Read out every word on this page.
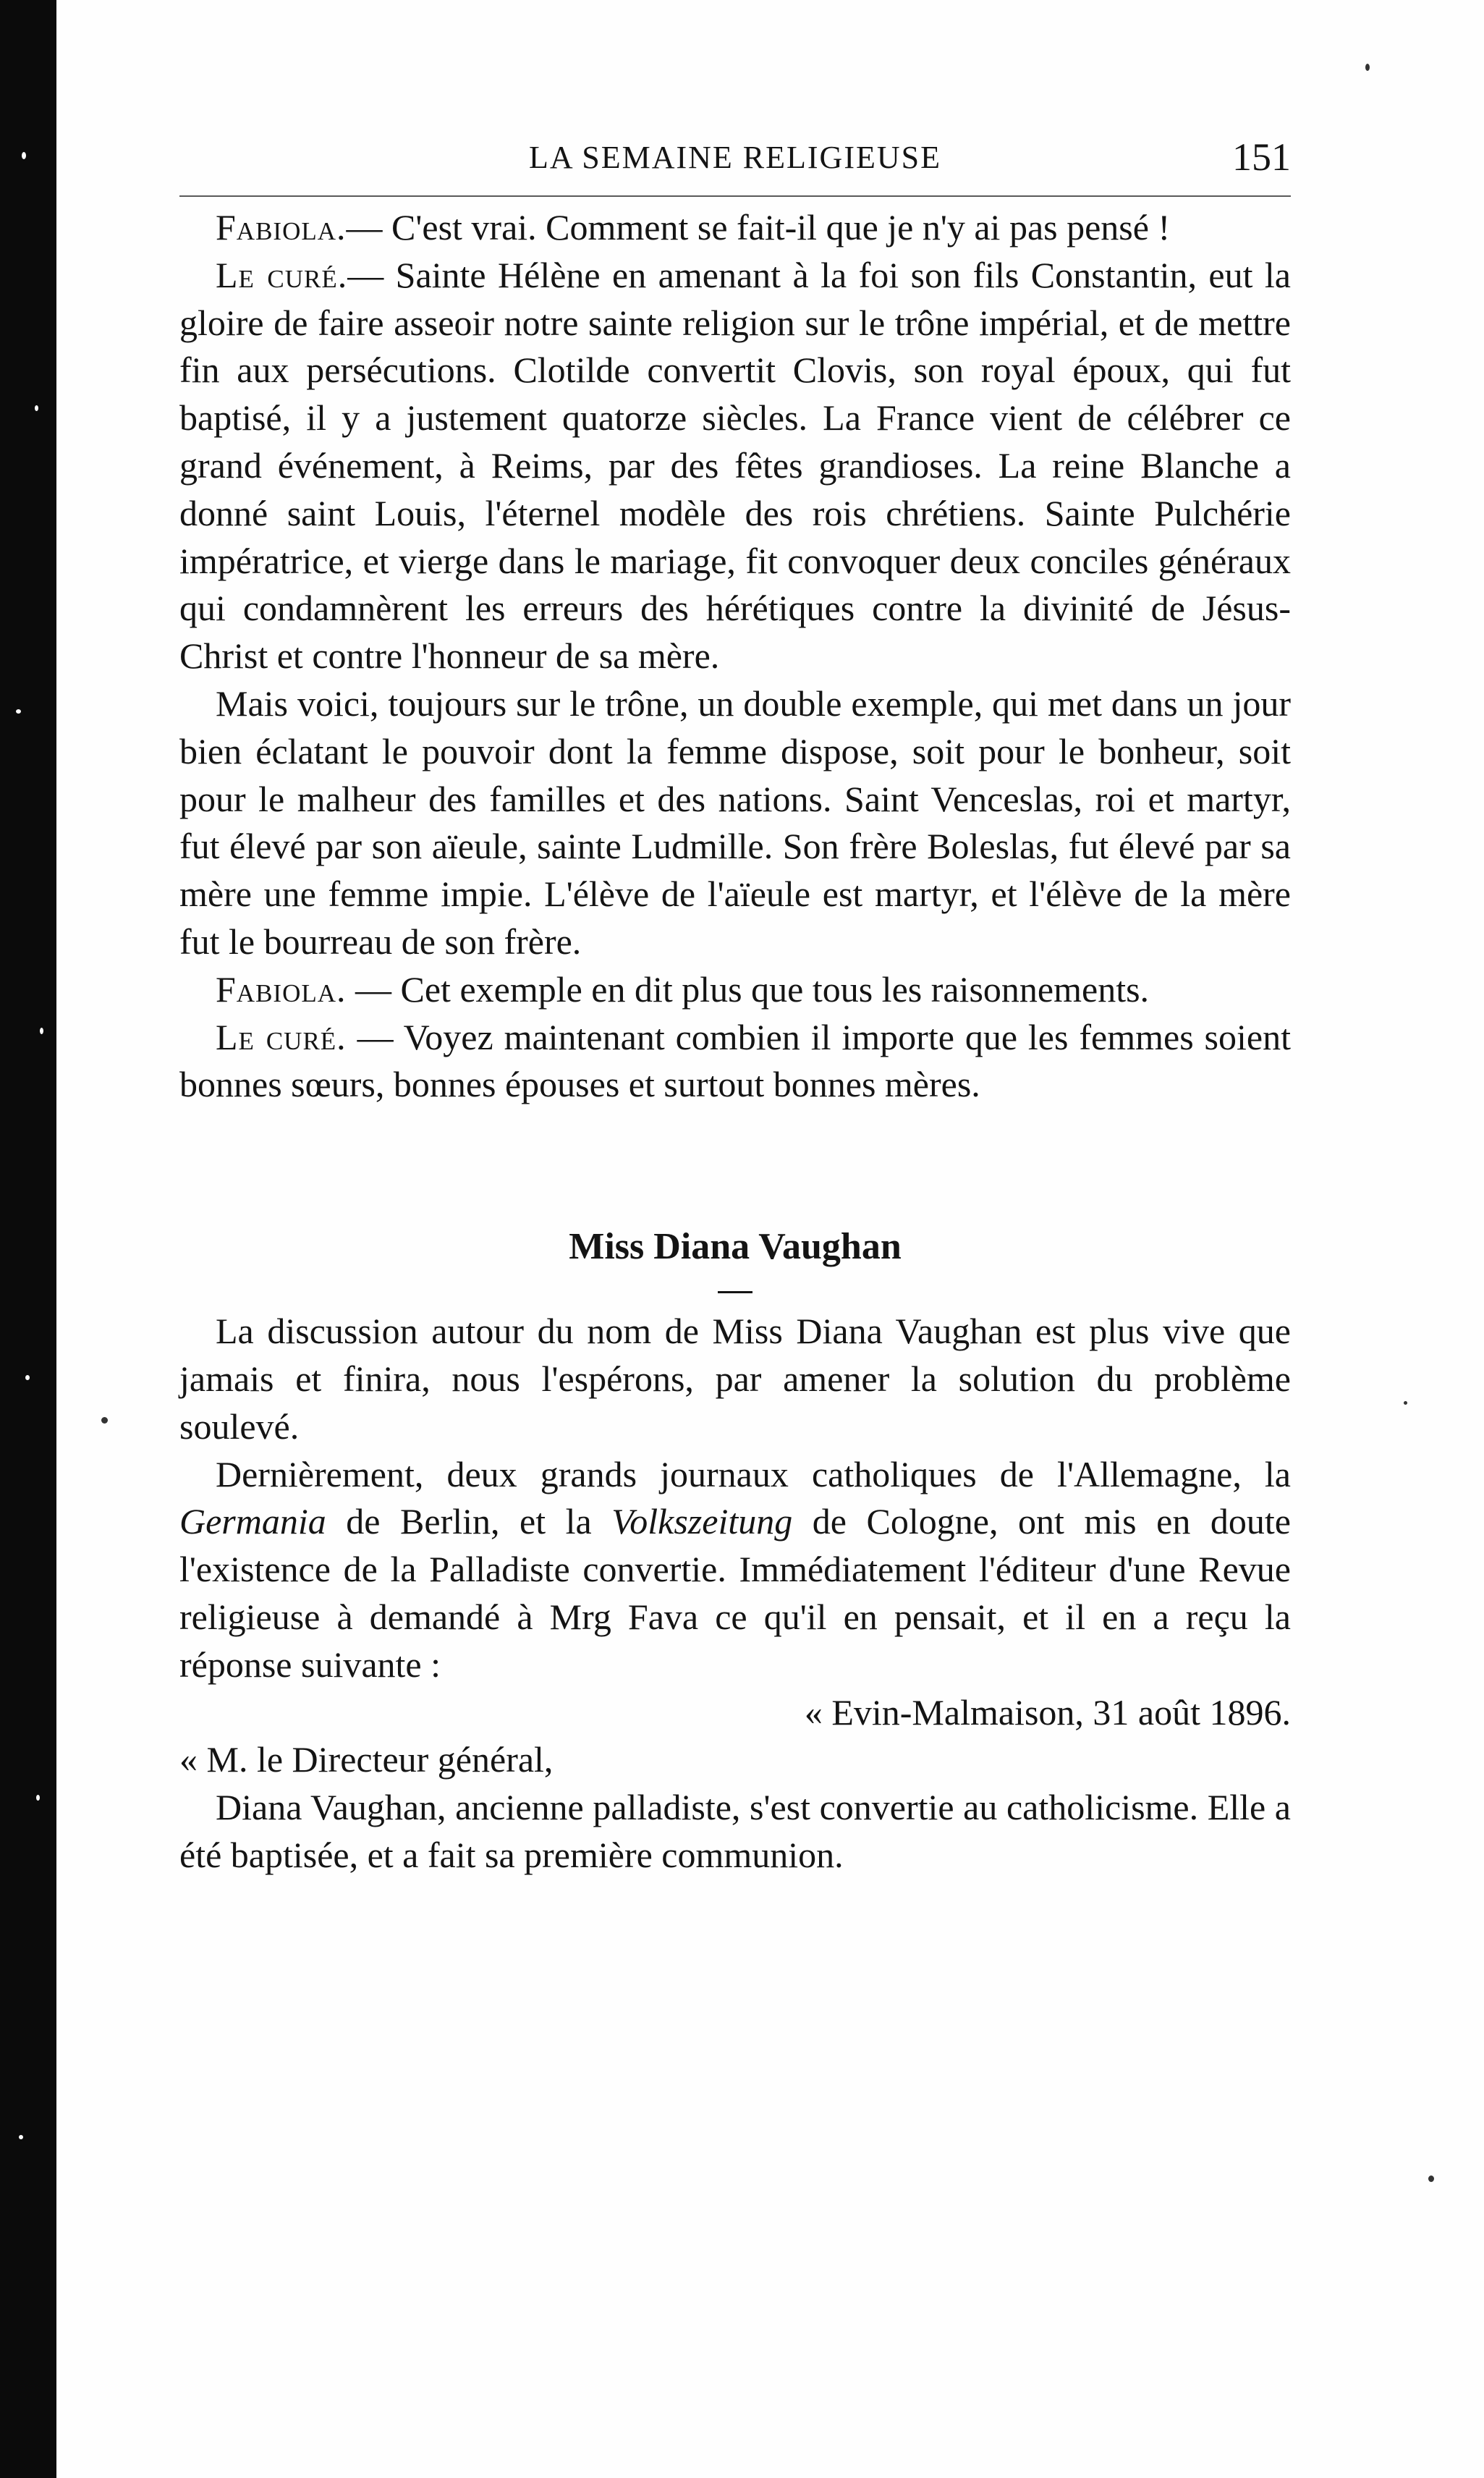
LA SEMAINE RELIGIEUSE	151

Fabiola.— C'est vrai. Comment se fait-il que je n'y ai pas pensé !

Le curé.— Sainte Hélène en amenant à la foi son fils Constantin, eut la gloire de faire asseoir notre sainte religion sur le trône impérial, et de mettre fin aux persécutions. Clotilde convertit Clovis, son royal époux, qui fut baptisé, il y a justement quatorze siècles. La France vient de célébrer ce grand événement, à Reims, par des fêtes grandioses. La reine Blanche a donné saint Louis, l'éternel modèle des rois chrétiens. Sainte Pulchérie impératrice, et vierge dans le mariage, fit convoquer deux conciles généraux qui condamnèrent les erreurs des hérétiques contre la divinité de Jésus-Christ et contre l'honneur de sa mère.

Mais voici, toujours sur le trône, un double exemple, qui met dans un jour bien éclatant le pouvoir dont la femme dispose, soit pour le bonheur, soit pour le malheur des familles et des nations. Saint Venceslas, roi et martyr, fut élevé par son aïeule, sainte Ludmille. Son frère Boleslas, fut élevé par sa mère une femme impie. L'élève de l'aïeule est martyr, et l'élève de la mère fut le bourreau de son frère.

Fabiola. — Cet exemple en dit plus que tous les raisonnements.

Le curé. — Voyez maintenant combien il importe que les femmes soient bonnes sœurs, bonnes épouses et surtout bonnes mères.

Miss Diana Vaughan

La discussion autour du nom de Miss Diana Vaughan est plus vive que jamais et finira, nous l'espérons, par amener la solution du problème soulevé.

Dernièrement, deux grands journaux catholiques de l'Allemagne, la Germania de Berlin, et la Volkszeitung de Cologne, ont mis en doute l'existence de la Palladiste convertie. Immédiatement l'éditeur d'une Revue religieuse à demandé à Mrg Fava ce qu'il en pensait, et il en a reçu la réponse suivante :

« Evin-Malmaison, 31 août 1896.

« M. le Directeur général,

Diana Vaughan, ancienne palladiste, s'est convertie au catholicisme. Elle a été baptisée, et a fait sa première communion.
